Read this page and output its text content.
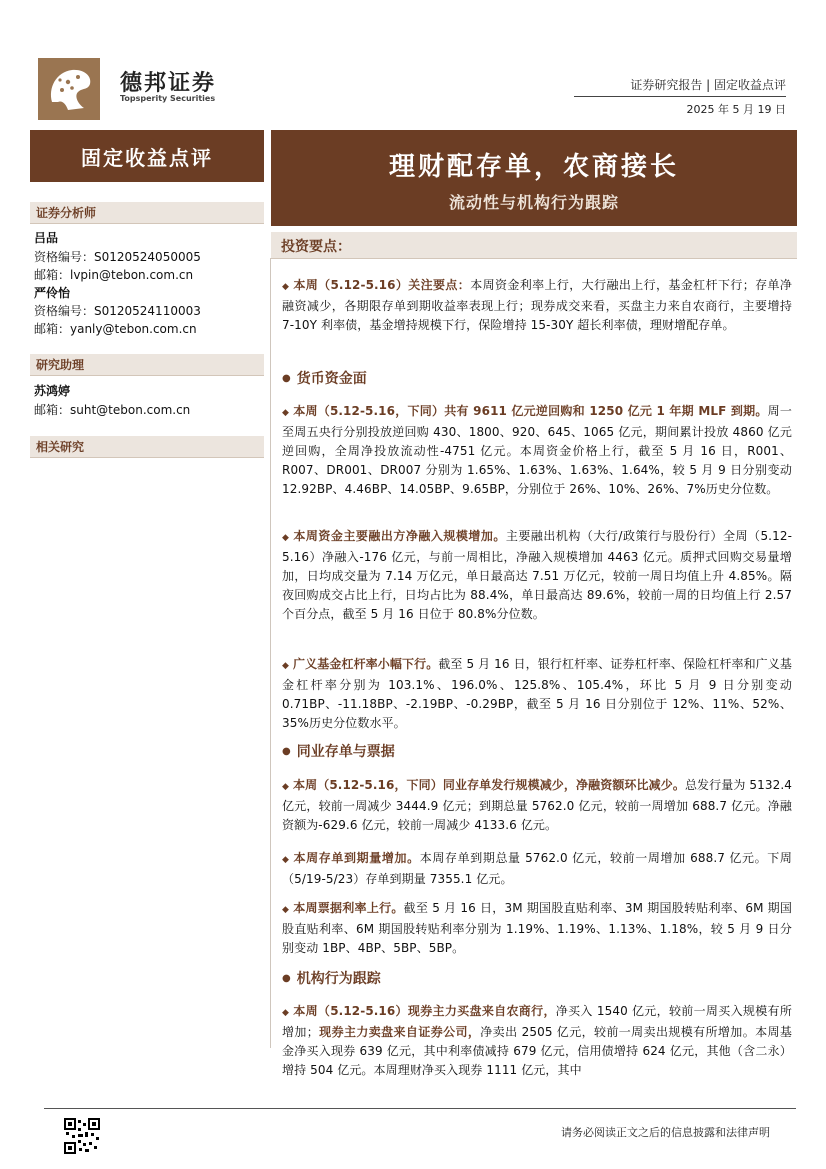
德邦证券
Topsperity Securities
证券研究报告 | 固定收益点评
2025 年 5 月 19 日
固定收益点评
证券分析师
吕品
资格编号：S0120524050005
邮箱：lvpin@tebon.com.cn
严伶怡
资格编号：S0120524110003
邮箱：yanly@tebon.com.cn
研究助理
苏鸿婷
邮箱：suht@tebon.com.cn
相关研究
理财配存单，农商接长
流动性与机构行为跟踪
投资要点：
◆ 本周（5.12-5.16）关注要点：本周资金利率上行，大行融出上行，基金杠杆下行；存单净融资减少，各期限存单到期收益率表现上行；现券成交来看，买盘主力来自农商行，主要增持 7-10Y 利率债，基金增持规模下行，保险增持 15-30Y 超长利率债，理财增配存单。
● 货币资金面
◆ 本周（5.12-5.16，下同）共有 9611 亿元逆回购和 1250 亿元 1 年期 MLF 到期。周一至周五央行分别投放逆回购 430、1800、920、645、1065 亿元，期间累计投放 4860 亿元逆回购，全周净投放流动性-4751 亿元。本周资金价格上行，截至 5 月 16 日，R001、R007、DR001、DR007 分别为 1.65%、1.63%、1.63%、1.64%，较 5 月 9 日分别变动 12.92BP、4.46BP、14.05BP、9.65BP，分别位于 26%、10%、26%、7%历史分位数。
◆ 本周资金主要融出方净融入规模增加。主要融出机构（大行/政策行与股份行）全周（5.12-5.16）净融入-176 亿元，与前一周相比，净融入规模增加 4463 亿元。质押式回购交易量增加，日均成交量为 7.14 万亿元，单日最高达 7.51 万亿元，较前一周日均值上升 4.85%。隔夜回购成交占比上行，日均占比为 88.4%，单日最高达 89.6%，较前一周的日均值上行 2.57 个百分点，截至 5 月 16 日位于 80.8%分位数。
◆ 广义基金杠杆率小幅下行。截至 5 月 16 日，银行杠杆率、证券杠杆率、保险杠杆率和广义基金杠杆率分别为 103.1%、196.0%、125.8%、105.4%，环比 5 月 9 日分别变动 0.71BP、-11.18BP、-2.19BP、-0.29BP，截至 5 月 16 日分别位于 12%、11%、52%、35%历史分位数水平。
● 同业存单与票据
◆ 本周（5.12-5.16，下同）同业存单发行规模减少，净融资额环比减少。总发行量为 5132.4 亿元，较前一周减少 3444.9 亿元；到期总量 5762.0 亿元，较前一周增加 688.7 亿元。净融资额为-629.6 亿元，较前一周减少 4133.6 亿元。
◆ 本周存单到期量增加。本周存单到期总量 5762.0 亿元，较前一周增加 688.7 亿元。下周（5/19-5/23）存单到期量 7355.1 亿元。
◆ 本周票据利率上行。截至 5 月 16 日，3M 期国股直贴利率、3M 期国股转贴利率、6M 期国股直贴利率、6M 期国股转贴利率分别为 1.19%、1.19%、1.13%、1.18%，较 5 月 9 日分别变动 1BP、4BP、5BP、5BP。
● 机构行为跟踪
◆ 本周（5.12-5.16）现券主力买盘来自农商行，净买入 1540 亿元，较前一周买入规模有所增加；现券主力卖盘来自证券公司，净卖出 2505 亿元，较前一周卖出规模有所增加。本周基金净买入现券 639 亿元，其中利率债减持 679 亿元，信用债增持 624 亿元，其他（含二永）增持 504 亿元。本周理财净买入现券 1111 亿元，其中
请务必阅读正文之后的信息披露和法律声明
